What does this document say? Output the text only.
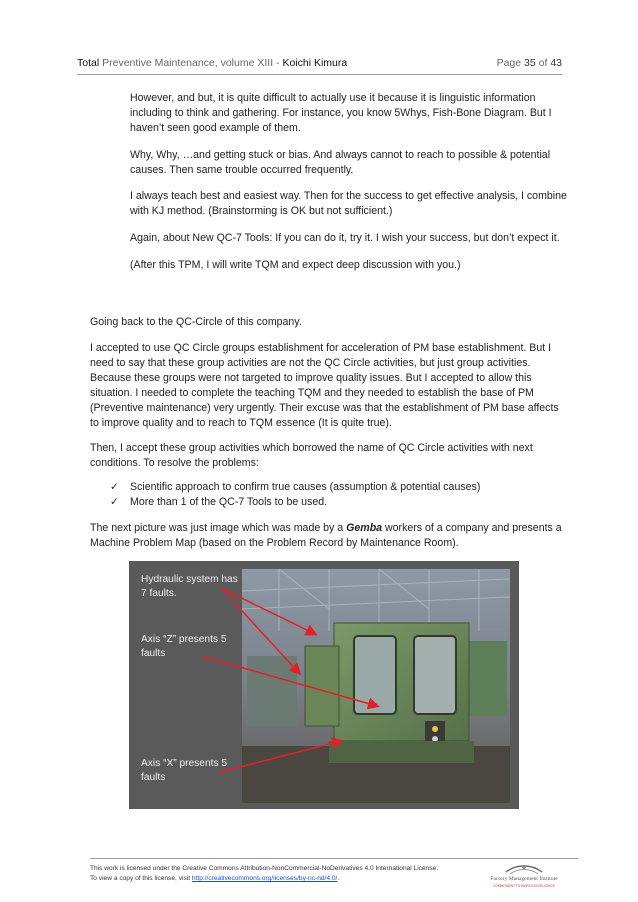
Total Preventive Maintenance, volume XIII - Koichi Kimura	Page 35 of 43

However, and but, it is quite difficult to actually use it because it is linguistic information including to think and gathering. For instance, you know 5Whys, Fish-Bone Diagram. But I haven’t seen good example of them.

Why, Why, …and getting stuck or bias. And always cannot to reach to possible & potential causes. Then same trouble occurred frequently.

I always teach best and easiest way. Then for the success to get effective analysis, I combine with KJ method. (Brainstorming is OK but not sufficient.)

Again, about New QC-7 Tools: If you can do it, try it. I wish your success, but don’t expect it.

(After this TPM, I will write TQM and expect deep discussion with you.)

Going back to the QC-Circle of this company.

I accepted to use QC Circle groups establishment for acceleration of PM base establishment. But I need to say that these group activities are not the QC Circle activities, but just group activities. Because these groups were not targeted to improve quality issues. But I accepted to allow this situation. I needed to complete the teaching TQM and they needed to establish the base of PM (Preventive maintenance) very urgently. Their excuse was that the establishment of PM base affects to improve quality and to reach to TQM essence (It is quite true).

Then, I accept these group activities which borrowed the name of QC Circle activities with next conditions. To resolve the problems:

✓ Scientific approach to confirm true causes (assumption & potential causes)
✓ More than 1 of the QC-7 Tools to be used.

The next picture was just image which was made by a Gemba workers of a company and presents a Machine Problem Map (based on the Problem Record by Maintenance Room).

Hydraulic system has 7 faults.
Axis “Z” presents 5 faults
Axis “X” presents 5 faults
This work is licensed under the Creative Commons Attribution-NonCommercial-NoDerivatives 4.0 International License.
To view a copy of this license, visit http://creativecommons.org/licenses/by-nc-nd/4.0/.	Factory Management Institute
COMMITMENT TO WORLD EXCELLENCE
